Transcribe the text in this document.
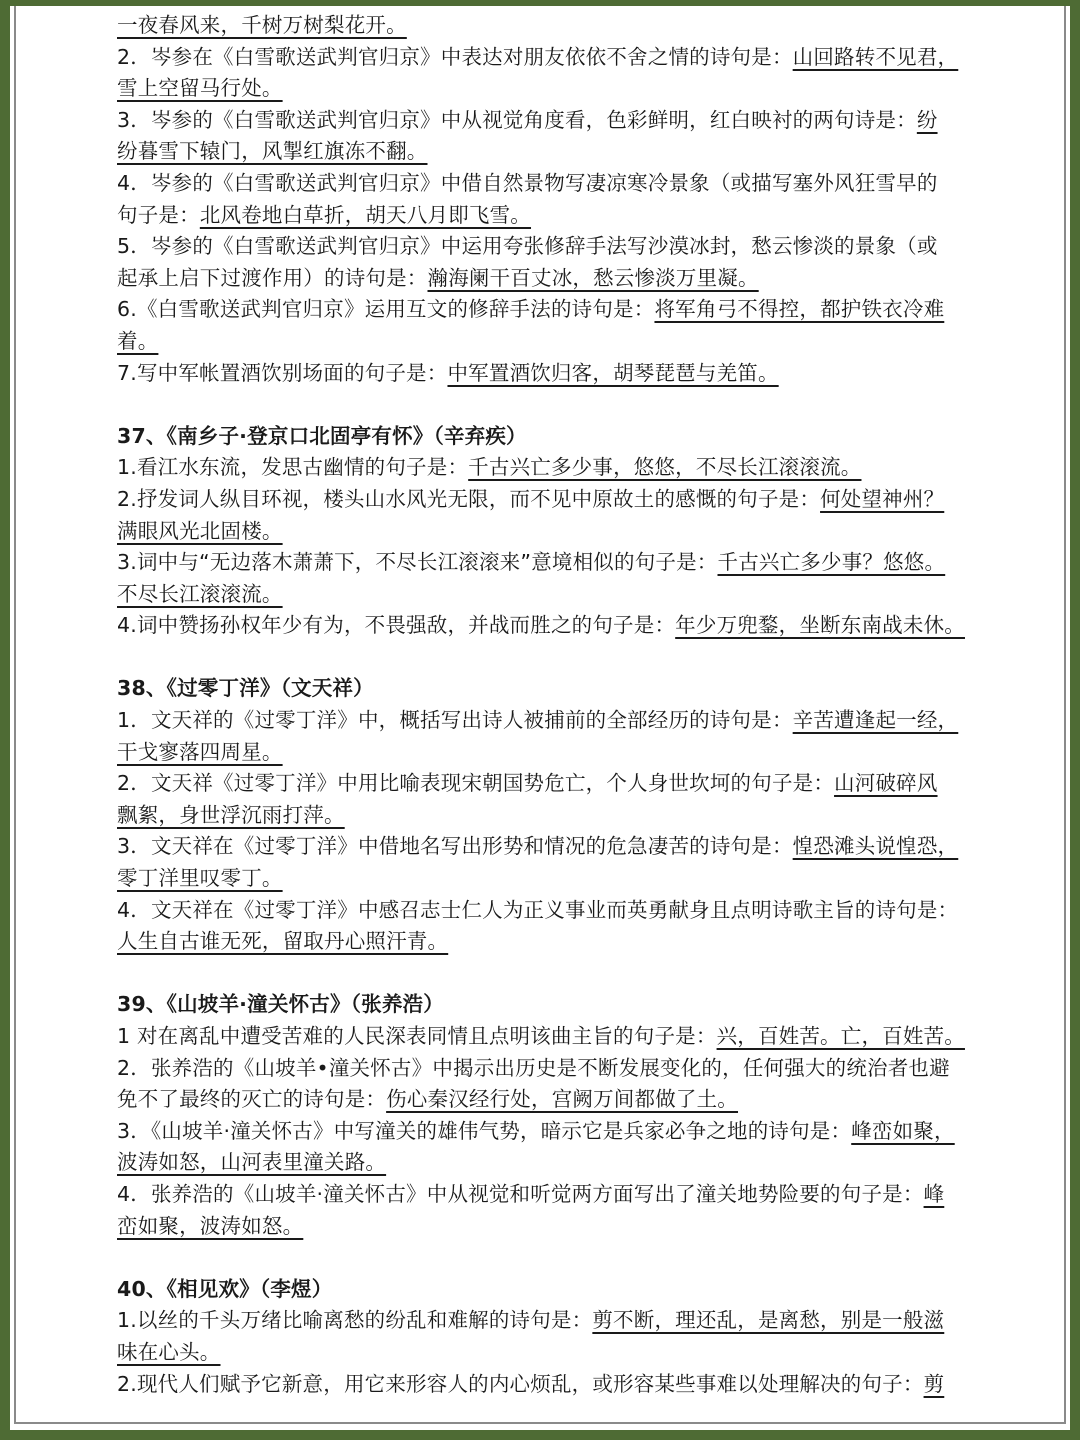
一夜春风来，千树万树梨花开。
2．岑参在《白雪歌送武判官归京》中表达对朋友依依不舍之情的诗句是：山回路转不见君，
雪上空留马行处。
3．岑参的《白雪歌送武判官归京》中从视觉角度看，色彩鲜明，红白映衬的两句诗是：纷
纷暮雪下辕门，风掣红旗冻不翻。
4．岑参的《白雪歌送武判官归京》中借自然景物写凄凉寒冷景象（或描写塞外风狂雪早的
句子是：北风卷地白草折，胡天八月即飞雪。
5．岑参的《白雪歌送武判官归京》中运用夸张修辞手法写沙漠冰封，愁云惨淡的景象（或
起承上启下过渡作用）的诗句是：瀚海阑干百丈冰，愁云惨淡万里凝。
6.《白雪歌送武判官归京》运用互文的修辞手法的诗句是：将军角弓不得控，都护铁衣冷难
着。
7.写中军帐置酒饮别场面的句子是：中军置酒饮归客，胡琴琵琶与羌笛。
37、《南乡子·登京口北固亭有怀》（辛弃疾）
1.看江水东流，发思古幽情的句子是：千古兴亡多少事，悠悠，不尽长江滚滚流。
2.抒发词人纵目环视，楼头山水风光无限，而不见中原故土的感慨的句子是：何处望神州？
满眼风光北固楼。
3.词中与“无边落木萧萧下，不尽长江滚滚来”意境相似的句子是：千古兴亡多少事？悠悠。
不尽长江滚滚流。
4.词中赞扬孙权年少有为，不畏强敌，并战而胜之的句子是：年少万兜鍪，坐断东南战未休。
38、《过零丁洋》（文天祥）
1．文天祥的《过零丁洋》中，概括写出诗人被捕前的全部经历的诗句是：辛苦遭逢起一经，
干戈寥落四周星。
2．文天祥《过零丁洋》中用比喻表现宋朝国势危亡，个人身世坎坷的句子是：山河破碎风
飘絮，身世浮沉雨打萍。
3．文天祥在《过零丁洋》中借地名写出形势和情况的危急凄苦的诗句是：惶恐滩头说惶恐，
零丁洋里叹零丁。
4．文天祥在《过零丁洋》中感召志士仁人为正义事业而英勇献身且点明诗歌主旨的诗句是：
人生自古谁无死，留取丹心照汗青。
39、《山坡羊·潼关怀古》（张养浩）
1 对在离乱中遭受苦难的人民深表同情且点明该曲主旨的句子是：兴，百姓苦。亡，百姓苦。
2．张养浩的《山坡羊•潼关怀古》中揭示出历史是不断发展变化的，任何强大的统治者也避
免不了最终的灭亡的诗句是：伤心秦汉经行处，宫阙万间都做了土。
3．《山坡羊·潼关怀古》中写潼关的雄伟气势，暗示它是兵家必争之地的诗句是：峰峦如聚，
波涛如怒，山河表里潼关路。
4．张养浩的《山坡羊·潼关怀古》中从视觉和听觉两方面写出了潼关地势险要的句子是：峰
峦如聚，波涛如怒。
40、《相见欢》（李煜）
1.以丝的千头万绪比喻离愁的纷乱和难解的诗句是：剪不断，理还乱，是离愁，别是一般滋
味在心头。
2.现代人们赋予它新意，用它来形容人的内心烦乱，或形容某些事难以处理解决的句子：剪
